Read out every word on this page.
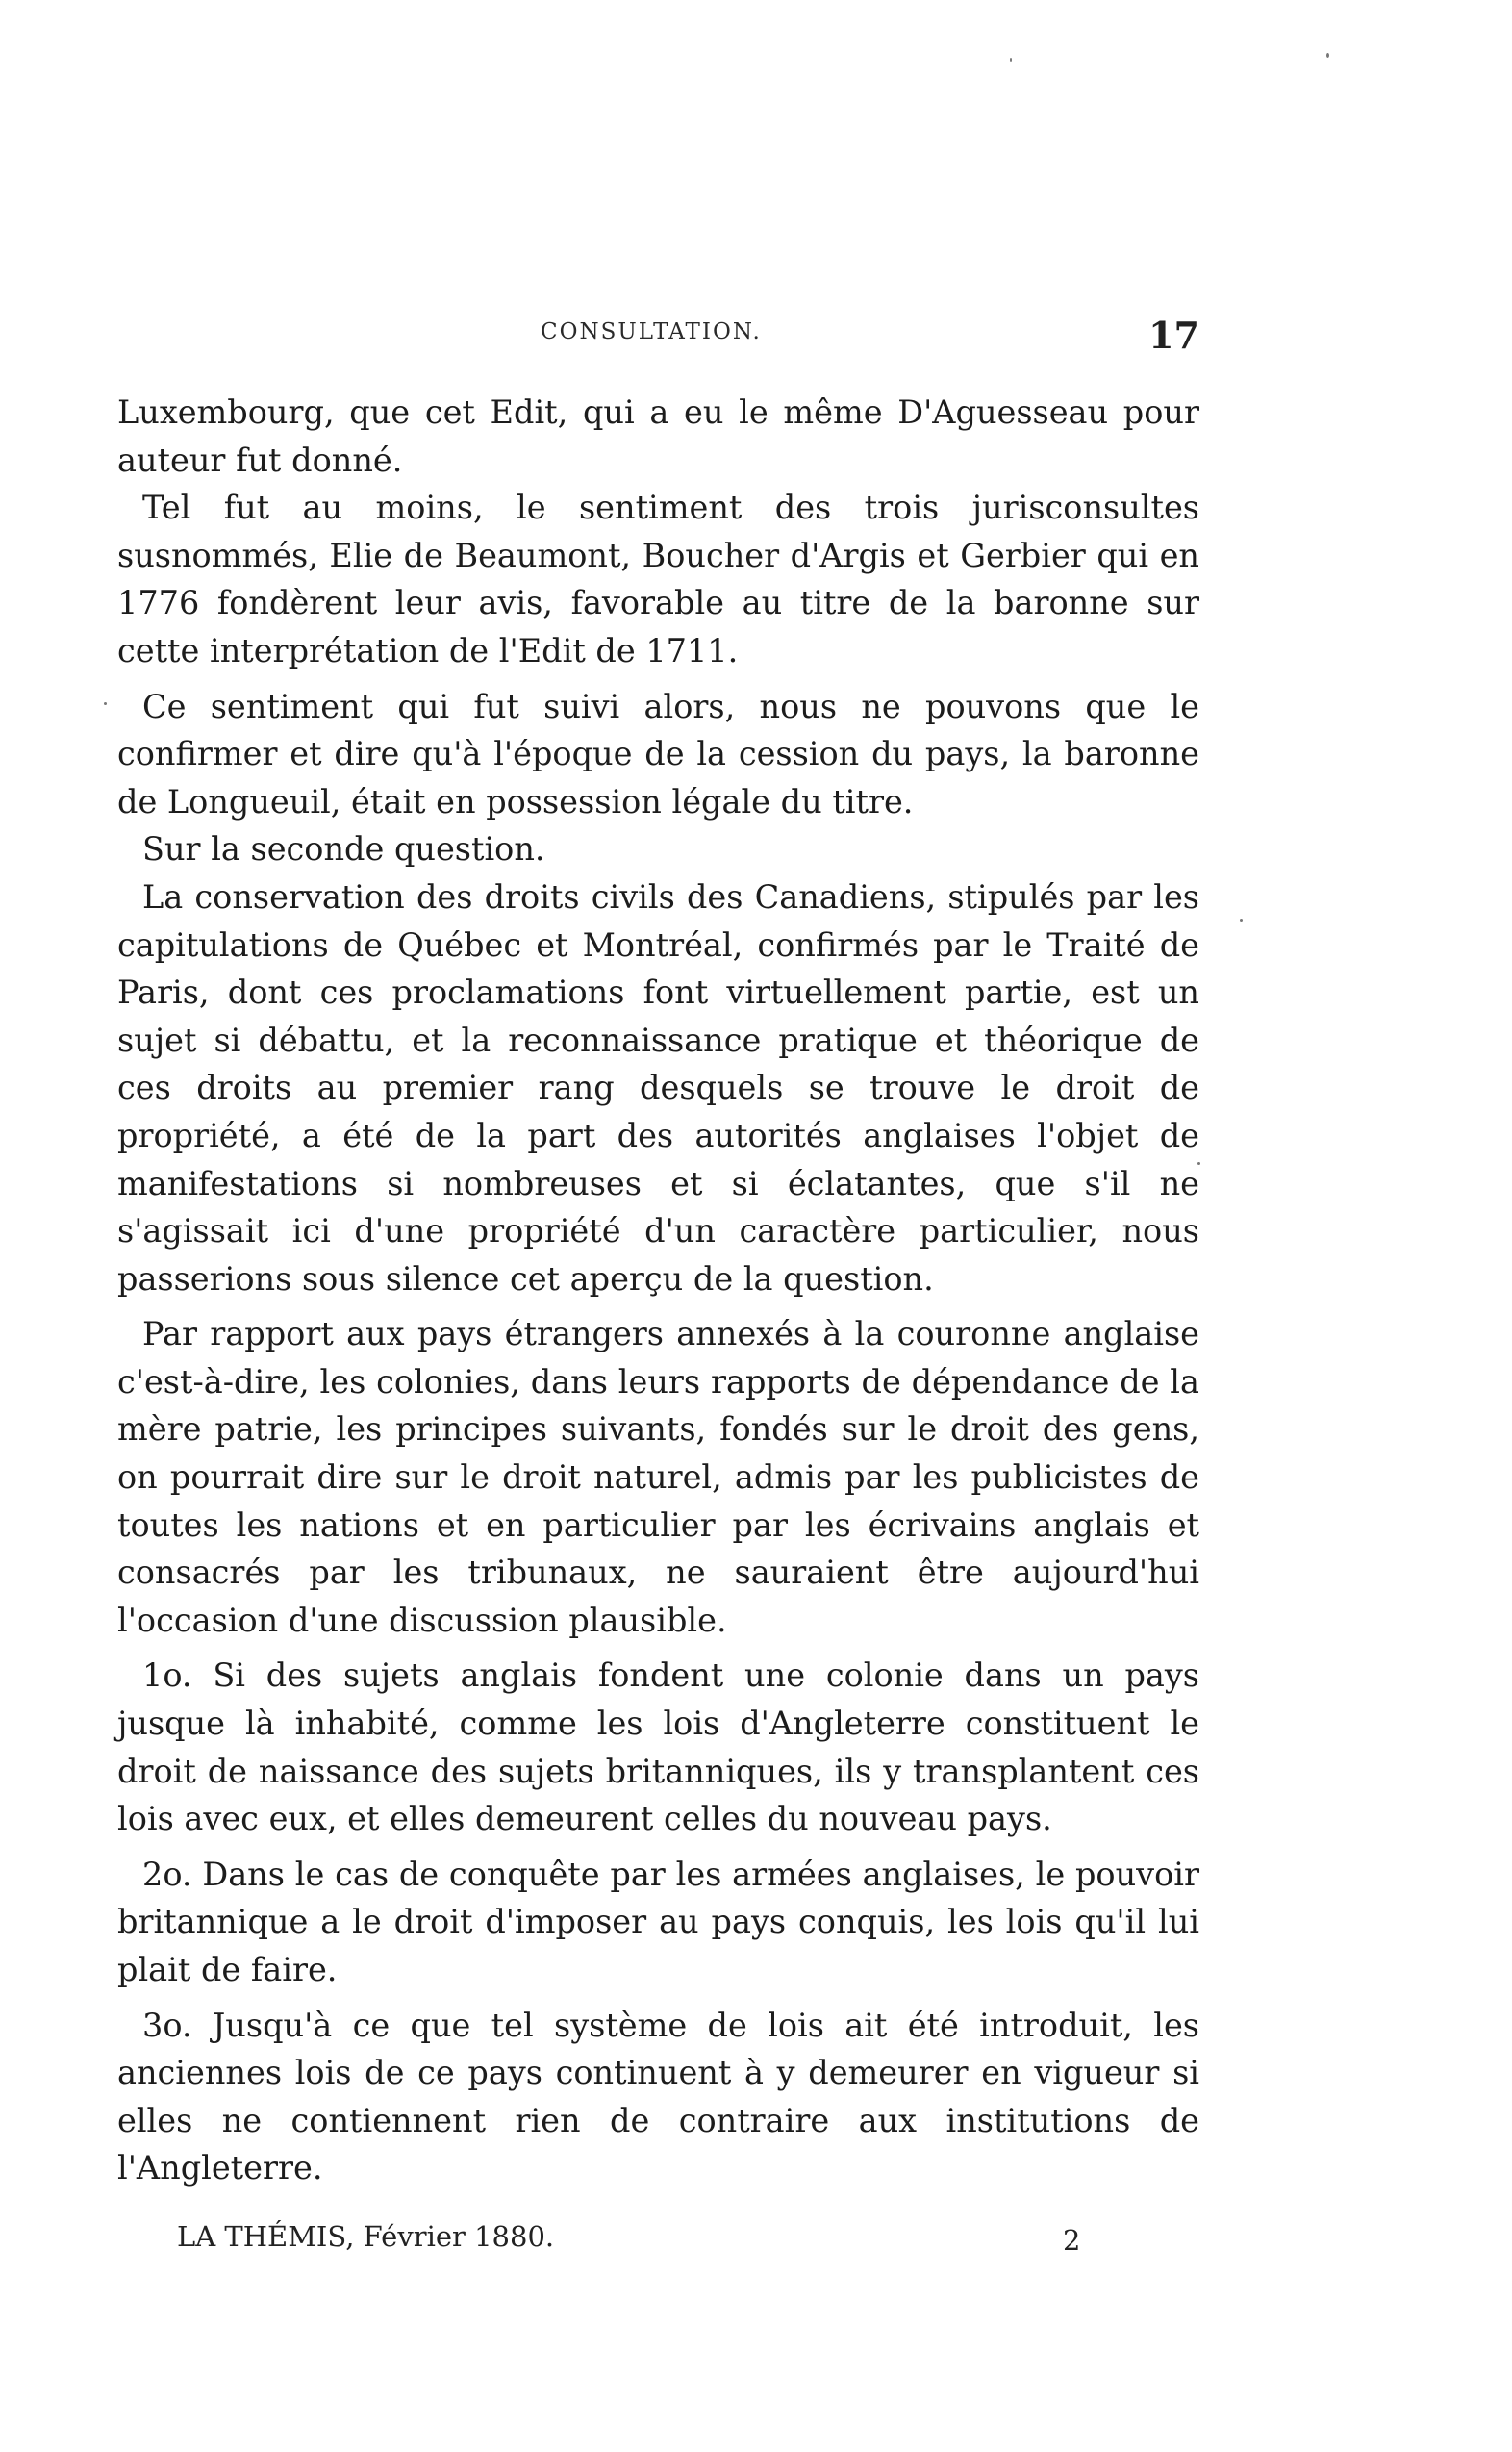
CONSULTATION.	17

Luxembourg, que cet Edit, qui a eu le même D'Aguesseau pour auteur fut donné.

Tel fut au moins, le sentiment des trois jurisconsultes susnommés, Elie de Beaumont, Boucher d'Argis et Gerbier qui en 1776 fondèrent leur avis, favorable au titre de la baronne sur cette interprétation de l'Edit de 1711.

Ce sentiment qui fut suivi alors, nous ne pouvons que le confirmer et dire qu'à l'époque de la cession du pays, la baronne de Longueuil, était en possession légale du titre.

Sur la seconde question.

La conservation des droits civils des Canadiens, stipulés par les capitulations de Québec et Montréal, confirmés par le Traité de Paris, dont ces proclamations font virtuellement partie, est un sujet si débattu, et la reconnaissance pratique et théorique de ces droits au premier rang desquels se trouve le droit de propriété, a été de la part des autorités anglaises l'objet de manifestations si nombreuses et si éclatantes, que s'il ne s'agissait ici d'une propriété d'un caractère particulier, nous passerions sous silence cet aperçu de la question.

Par rapport aux pays étrangers annexés à la couronne anglaise c'est-à-dire, les colonies, dans leurs rapports de dépendance de la mère patrie, les principes suivants, fondés sur le droit des gens, on pourrait dire sur le droit naturel, admis par les publicistes de toutes les nations et en particulier par les écrivains anglais et consacrés par les tribunaux, ne sauraient être aujourd'hui l'occasion d'une discussion plausible.

1o. Si des sujets anglais fondent une colonie dans un pays jusque là inhabité, comme les lois d'Angleterre constituent le droit de naissance des sujets britanniques, ils y transplantent ces lois avec eux, et elles demeurent celles du nouveau pays.

2o. Dans le cas de conquête par les armées anglaises, le pouvoir britannique a le droit d'imposer au pays conquis, les lois qu'il lui plait de faire.

3o. Jusqu'à ce que tel système de lois ait été introduit, les anciennes lois de ce pays continuent à y demeurer en vigueur si elles ne contiennent rien de contraire aux institutions de l'Angleterre.

LA THÉMIS, Février 1880.	2
